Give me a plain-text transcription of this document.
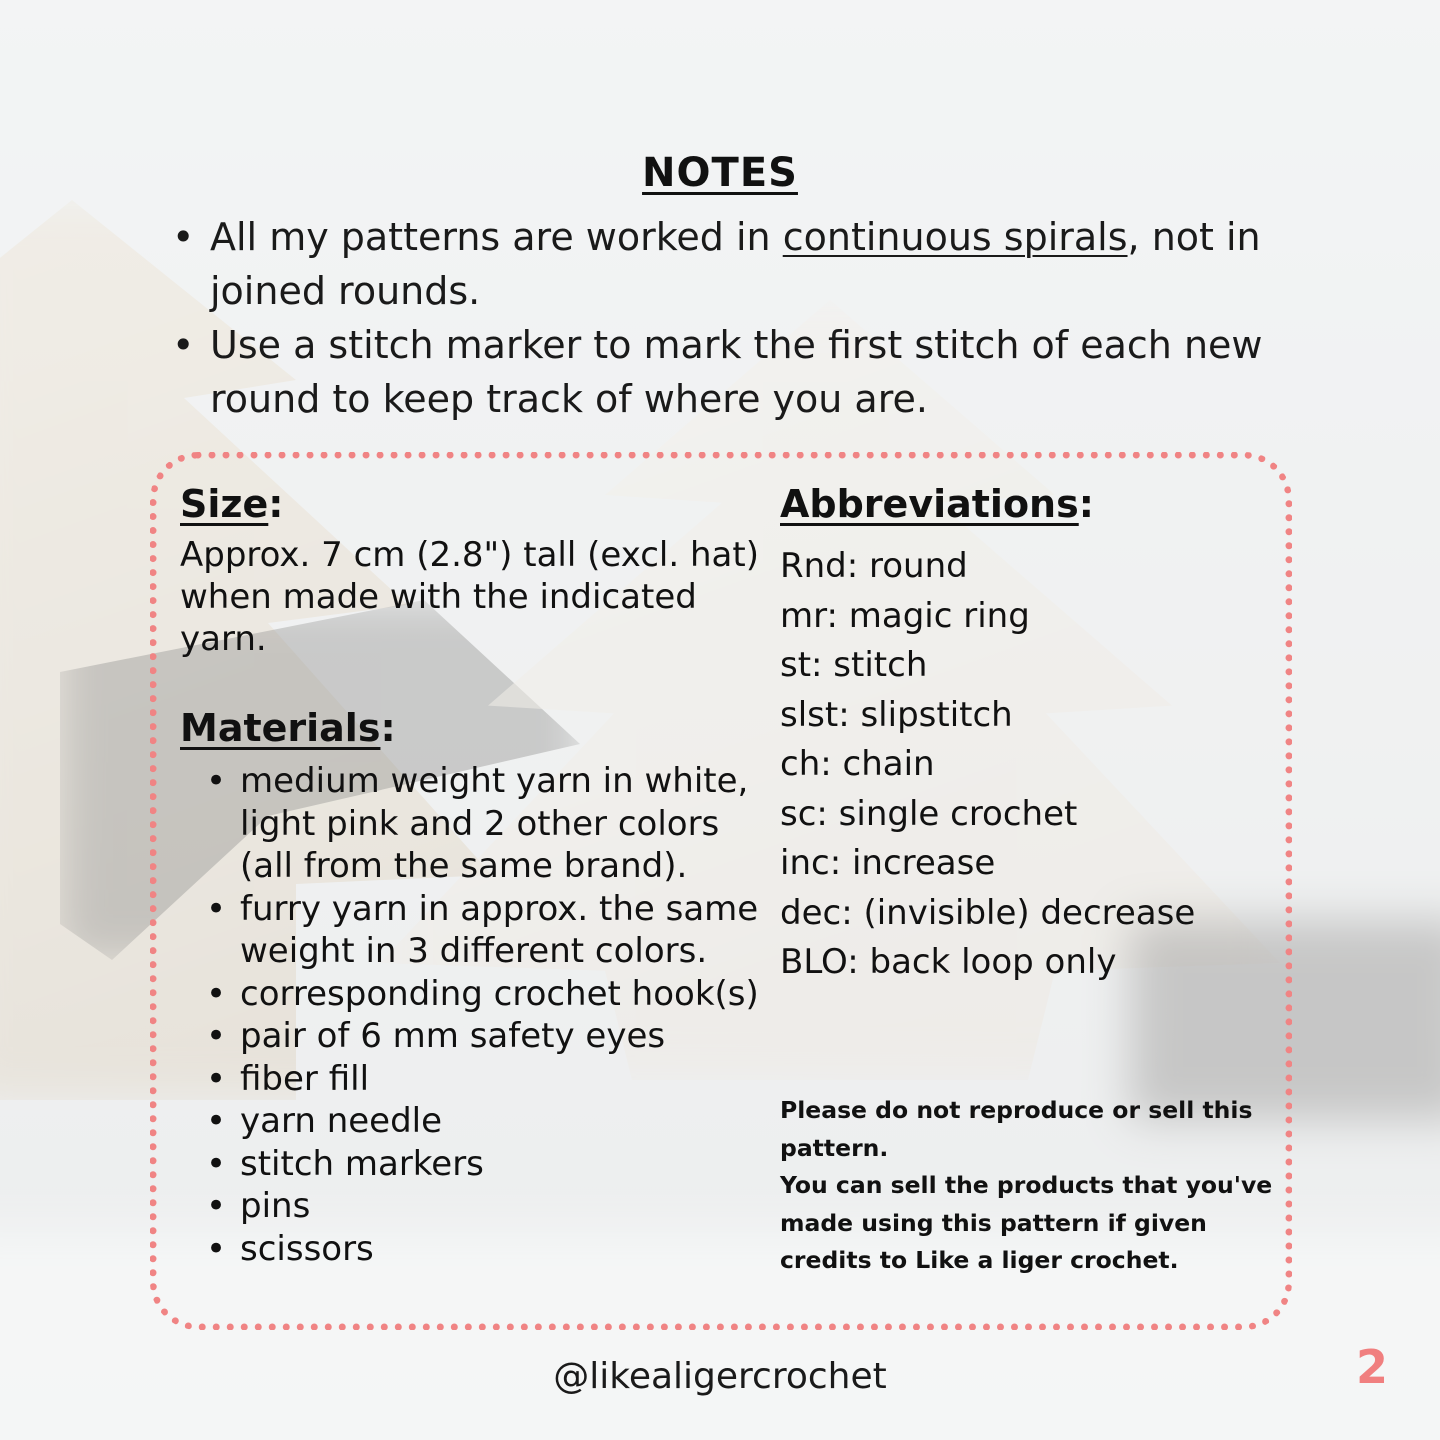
NOTES
• All my patterns are worked in continuous spirals, not in joined rounds.
• Use a stitch marker to mark the first stitch of each new round to keep track of where you are.
Size:
Approx. 7 cm (2.8") tall (excl. hat) when made with the indicated yarn.
Materials:
• medium weight yarn in white, light pink and 2 other colors (all from the same brand).
• furry yarn in approx. the same weight in 3 different colors.
• corresponding crochet hook(s)
• pair of 6 mm safety eyes
• fiber fill
• yarn needle
• stitch markers
• pins
• scissors
Abbreviations:
Rnd: round
mr: magic ring
st: stitch
slst: slipstitch
ch: chain
sc: single crochet
inc: increase
dec: (invisible) decrease
BLO: back loop only
Please do not reproduce or sell this pattern.
You can sell the products that you've made using this pattern if given credits to Like a liger crochet.
@likealigercrochet	2
